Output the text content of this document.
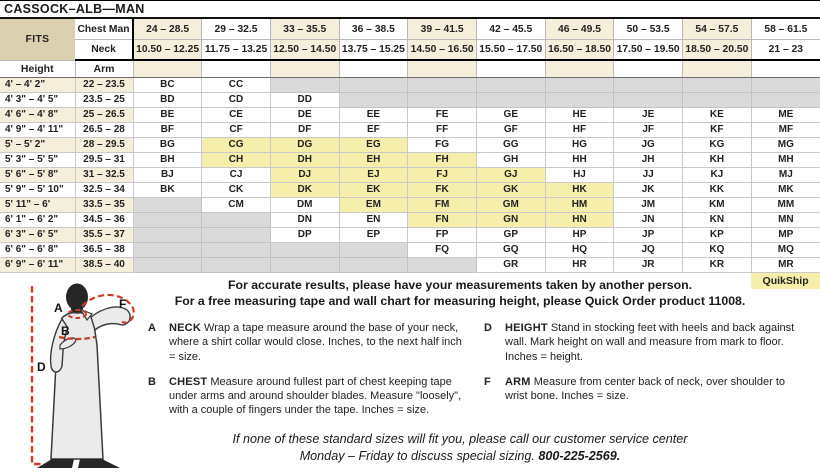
CASSOCK–ALB—MAN
FITS	Chest Man	24 – 28.5	29 – 32.5	33 – 35.5	36 – 38.5	39 – 41.5	42 – 45.5	46 – 49.5	50 – 53.5	54 – 57.5	58 – 61.5
	Neck	10.50 – 12.25	11.75 – 13.25	12.50 – 14.50	13.75 – 15.25	14.50 – 16.50	15.50 – 17.50	16.50 – 18.50	17.50 – 19.50	18.50 – 20.50	21 – 23
Height	Arm										
4' – 4' 2"	22 – 23.5	BC	CC								
4' 3" – 4' 5"	23.5 – 25	BD	CD	DD							
4' 6" – 4' 8"	25 – 26.5	BE	CE	DE	EE	FE	GE	HE	JE	KE	ME
4' 9" – 4' 11"	26.5 – 28	BF	CF	DF	EF	FF	GF	HF	JF	KF	MF
5' – 5' 2"	28 – 29.5	BG	CG	DG	EG	FG	GG	HG	JG	KG	MG
5' 3" – 5' 5"	29.5 – 31	BH	CH	DH	EH	FH	GH	HH	JH	KH	MH
5' 6" – 5' 8"	31 – 32.5	BJ	CJ	DJ	EJ	FJ	GJ	HJ	JJ	KJ	MJ
5' 9" – 5' 10"	32.5 – 34	BK	CK	DK	EK	FK	GK	HK	JK	KK	MK
5' 11" – 6'	33.5 – 35		CM	DM	EM	FM	GM	HM	JM	KM	MM
6' 1" – 6' 2"	34.5 – 36			DN	EN	FN	GN	HN	JN	KN	MN
6' 3" – 6' 5"	35.5 – 37			DP	EP	FP	GP	HP	JP	KP	MP
6' 6" – 6' 8"	36.5 – 38					FQ	GQ	HQ	JQ	KQ	MQ
6' 9" – 6' 11"	38.5 – 40						GR	HR	JR	KR	MR
											QuikShip
For accurate results, please have your measurements taken by another person.
For a free measuring tape and wall chart for measuring height, please Quick Order product 11008.
A NECK Wrap a tape measure around the base of your neck, where a shirt collar would close. Inches, to the next half inch = size.
B CHEST Measure around fullest part of chest keeping tape under arms and around shoulder blades. Measure "loosely", with a couple of fingers under the tape. Inches = size.
D HEIGHT Stand in stocking feet with heels and back against wall. Mark height on wall and measure from mark to floor. Inches = height.
F ARM Measure from center back of neck, over shoulder to wrist bone. Inches = size.
If none of these standard sizes will fit you, please call our customer service center
Monday – Friday to discuss special sizing. 800-225-2569.
A
B
D
F
